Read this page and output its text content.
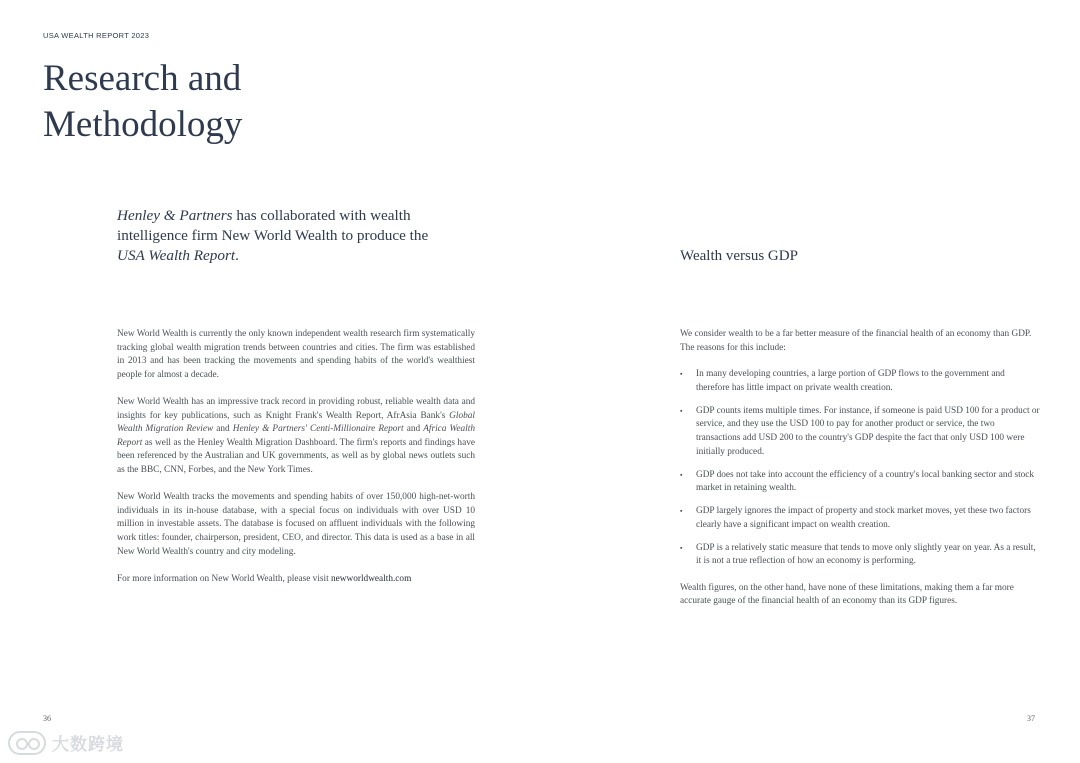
USA WEALTH REPORT 2023
Research and Methodology

Henley & Partners has collaborated with wealth intelligence firm New World Wealth to produce the USA Wealth Report.

New World Wealth is currently the only known independent wealth research firm systematically tracking global wealth migration trends between countries and cities. The firm was established in 2013 and has been tracking the movements and spending habits of the world's wealthiest people for almost a decade.

New World Wealth has an impressive track record in providing robust, reliable wealth data and insights for key publications, such as Knight Frank's Wealth Report, AfrAsia Bank's Global Wealth Migration Review and Henley & Partners' Centi-Millionaire Report and Africa Wealth Report as well as the Henley Wealth Migration Dashboard. The firm's reports and findings have been referenced by the Australian and UK governments, as well as by global news outlets such as the BBC, CNN, Forbes, and the New York Times.

New World Wealth tracks the movements and spending habits of over 150,000 high-net-worth individuals in its in-house database, with a special focus on individuals with over USD 10 million in investable assets. The database is focused on affluent individuals with the following work titles: founder, chairperson, president, CEO, and director. This data is used as a base in all New World Wealth's country and city modeling.

For more information on New World Wealth, please visit newworldwealth.com

36
Wealth versus GDP

We consider wealth to be a far better measure of the financial health of an economy than GDP. The reasons for this include:

▪ In many developing countries, a large portion of GDP flows to the government and therefore has little impact on private wealth creation.
▪ GDP counts items multiple times. For instance, if someone is paid USD 100 for a product or service, and they use the USD 100 to pay for another product or service, the two transactions add USD 200 to the country's GDP despite the fact that only USD 100 were initially produced.
▪ GDP does not take into account the efficiency of a country's local banking sector and stock market in retaining wealth.
▪ GDP largely ignores the impact of property and stock market moves, yet these two factors clearly have a significant impact on wealth creation.
▪ GDP is a relatively static measure that tends to move only slightly year on year. As a result, it is not a true reflection of how an economy is performing.

Wealth figures, on the other hand, have none of these limitations, making them a far more accurate gauge of the financial health of an economy than its GDP figures.

37
大数跨境
